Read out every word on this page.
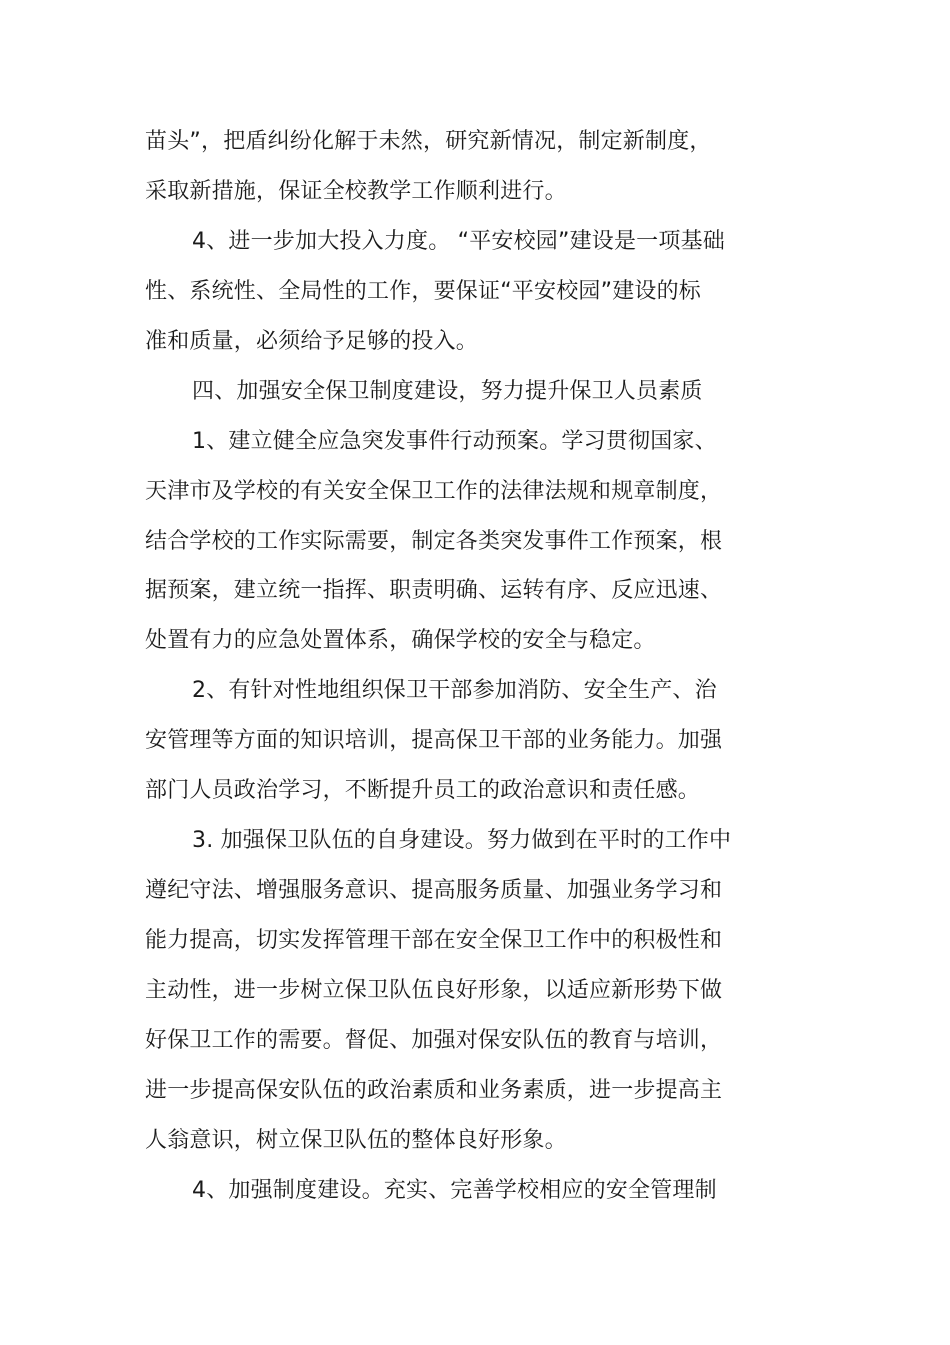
苗头”，把盾纠纷化解于未然，研究新情况，制定新制度，
采取新措施，保证全校教学工作顺利进行。
4、进一步加大投入力度。 “平安校园”建设是一项基础
性、系统性、全局性的工作，要保证“平安校园”建设的标
准和质量，必须给予足够的投入。
四、加强安全保卫制度建设，努力提升保卫人员素质
1、建立健全应急突发事件行动预案。学习贯彻国家、
天津市及学校的有关安全保卫工作的法律法规和规章制度，
结合学校的工作实际需要，制定各类突发事件工作预案，根
据预案，建立统一指挥、职责明确、运转有序、反应迅速、
处置有力的应急处置体系，确保学校的安全与稳定。
2、有针对性地组织保卫干部参加消防、安全生产、治
安管理等方面的知识培训，提高保卫干部的业务能力。加强
部门人员政治学习，不断提升员工的政治意识和责任感。
3. 加强保卫队伍的自身建设。努力做到在平时的工作中
遵纪守法、增强服务意识、提高服务质量、加强业务学习和
能力提高，切实发挥管理干部在安全保卫工作中的积极性和
主动性，进一步树立保卫队伍良好形象，以适应新形势下做
好保卫工作的需要。督促、加强对保安队伍的教育与培训，
进一步提高保安队伍的政治素质和业务素质，进一步提高主
人翁意识，树立保卫队伍的整体良好形象。
4、加强制度建设。充实、完善学校相应的安全管理制
